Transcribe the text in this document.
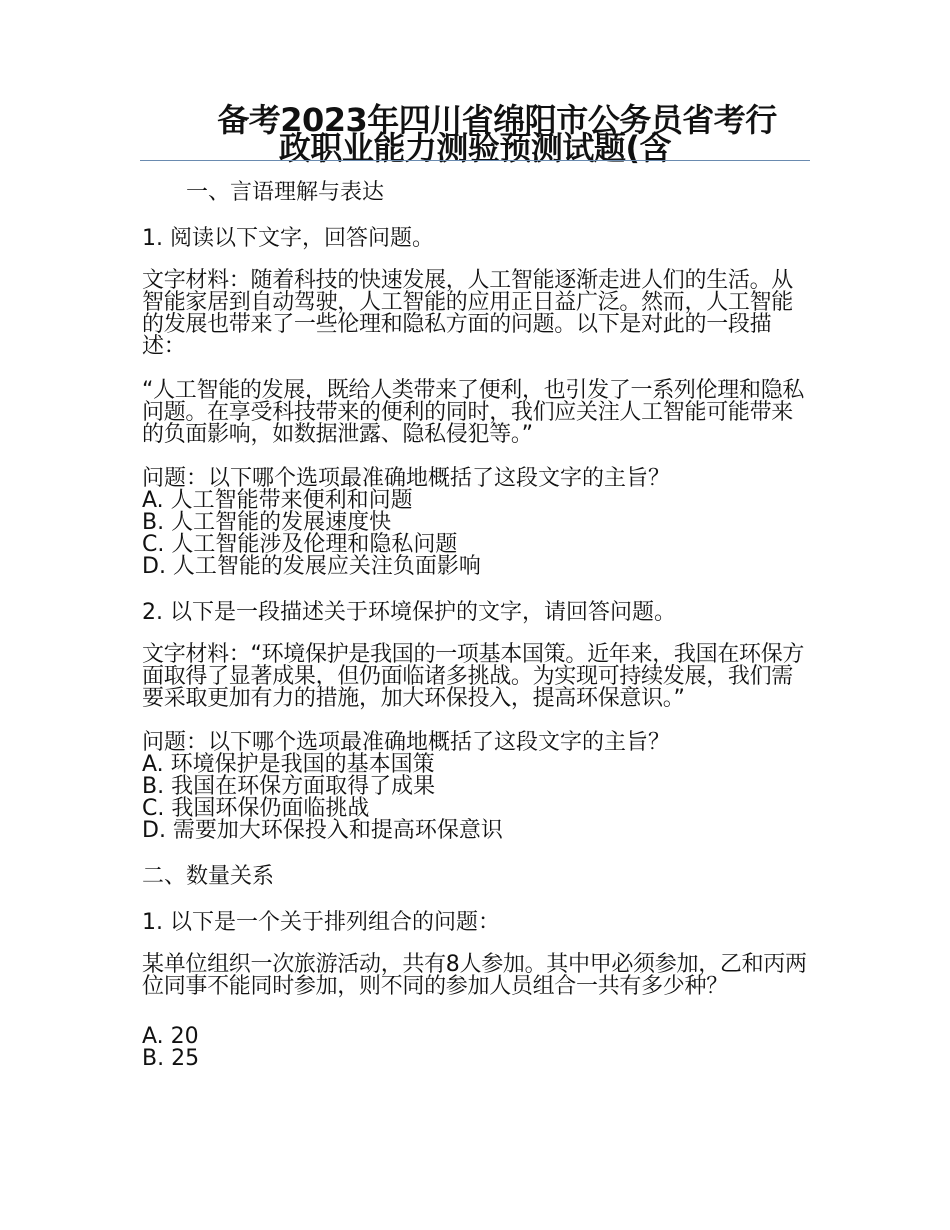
备考2023年四川省绵阳市公务员省考行
政职业能力测验预测试题(含
一、言语理解与表达
1. 阅读以下文字，回答问题。
文字材料：随着科技的快速发展，人工智能逐渐走进人们的生活。从智能家居到自动驾驶，人工智能的应用正日益广泛。然而，人工智能的发展也带来了一些伦理和隐私方面的问题。以下是对此的一段描述：
“人工智能的发展，既给人类带来了便利，也引发了一系列伦理和隐私问题。在享受科技带来的便利的同时，我们应关注人工智能可能带来的负面影响，如数据泄露、隐私侵犯等。”
问题：以下哪个选项最准确地概括了这段文字的主旨？
A. 人工智能带来便利和问题
B. 人工智能的发展速度快
C. 人工智能涉及伦理和隐私问题
D. 人工智能的发展应关注负面影响
2. 以下是一段描述关于环境保护的文字，请回答问题。
文字材料：“环境保护是我国的一项基本国策。近年来，我国在环保方面取得了显著成果，但仍面临诸多挑战。为实现可持续发展，我们需要采取更加有力的措施，加大环保投入，提高环保意识。”
问题：以下哪个选项最准确地概括了这段文字的主旨？
A. 环境保护是我国的基本国策
B. 我国在环保方面取得了成果
C. 我国环保仍面临挑战
D. 需要加大环保投入和提高环保意识
二、数量关系
1. 以下是一个关于排列组合的问题：
某单位组织一次旅游活动，共有8人参加。其中甲必须参加，乙和丙两位同事不能同时参加，则不同的参加人员组合一共有多少种？
A. 20
B. 25
